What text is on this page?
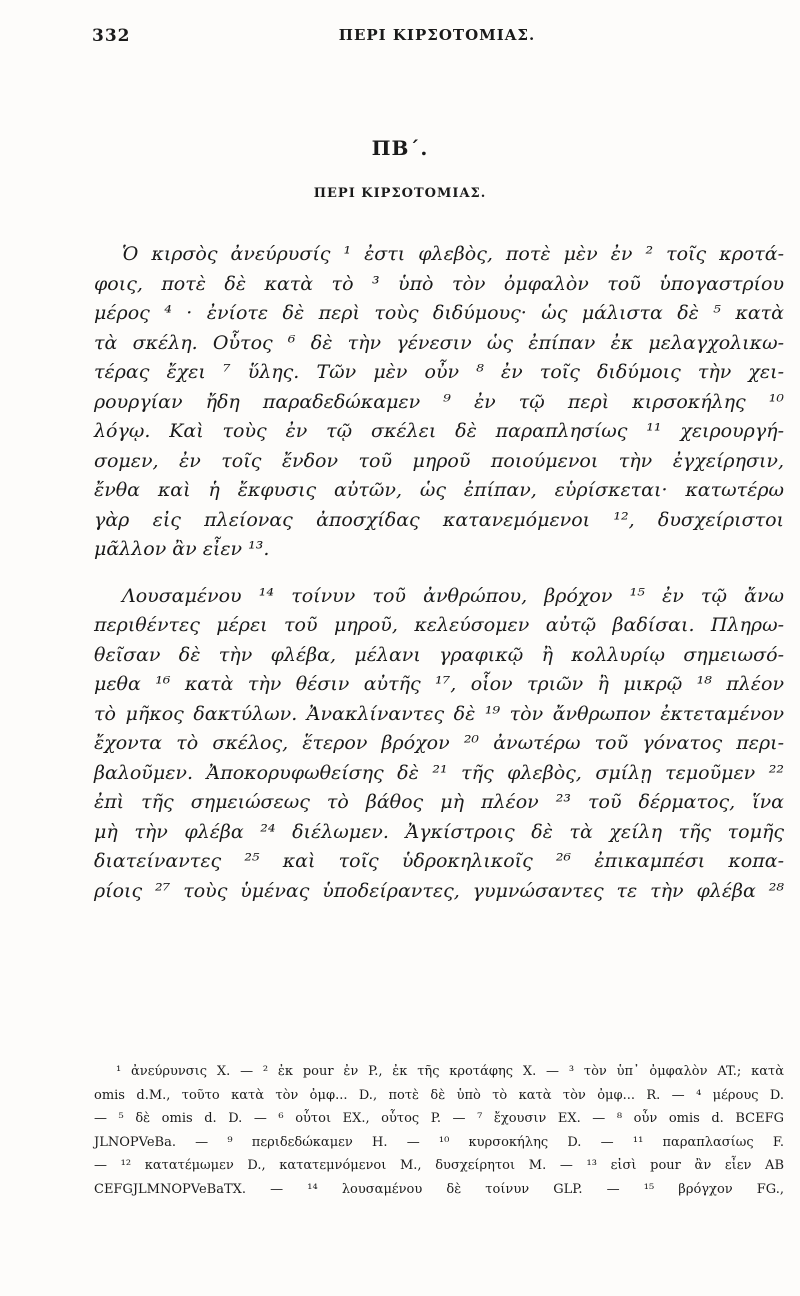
332	ΠΕΡΙ ΚΙΡΣΟΤΟΜΙΑΣ.
ΠΒ΄.
ΠΕΡΙ ΚΙΡΣΟΤΟΜΙΑΣ.
Ὁ κιρσὸς ἀνεύρυσίς ¹ ἐστι φλεβὸς, ποτὲ μὲν ἐν ² τοῖς κροτά-
φοις, ποτὲ δὲ κατὰ τὸ ³ ὑπὸ τὸν ὀμφαλὸν τοῦ ὑπογαστρίου
μέρος ⁴ · ἐνίοτε δὲ περὶ τοὺς διδύμους· ὡς μάλιστα δὲ ⁵ κατὰ
τὰ σκέλη. Οὗτος ⁶ δὲ τὴν γένεσιν ὡς ἐπίπαν ἐκ μελαγχολικω-
τέρας ἔχει ⁷ ὕλης. Τῶν μὲν οὖν ⁸ ἐν τοῖς διδύμοις τὴν χει-
ρουργίαν ἤδη παραδεδώκαμεν ⁹ ἐν τῷ περὶ κιρσοκήλης ¹⁰
λόγῳ. Καὶ τοὺς ἐν τῷ σκέλει δὲ παραπλησίως ¹¹ χειρουργή-
σομεν, ἐν τοῖς ἔνδον τοῦ μηροῦ ποιούμενοι τὴν ἐγχείρησιν,
ἔνθα καὶ ἡ ἔκφυσις αὐτῶν, ὡς ἐπίπαν, εὑρίσκεται· κατωτέρω
γὰρ εἰς πλείονας ἀποσχίδας κατανεμόμενοι ¹², δυσχείριστοι
μᾶλλον ἂν εἶεν ¹³.
Λουσαμένου ¹⁴ τοίνυν τοῦ ἀνθρώπου, βρόχον ¹⁵ ἐν τῷ ἄνω
περιθέντες μέρει τοῦ μηροῦ, κελεύσομεν αὐτῷ βαδίσαι. Πληρω-
θεῖσαν δὲ τὴν φλέβα, μέλανι γραφικῷ ἢ κολλυρίῳ σημειωσό-
μεθα ¹⁶ κατὰ τὴν θέσιν αὐτῆς ¹⁷, οἷον τριῶν ἢ μικρῷ ¹⁸ πλέον
τὸ μῆκος δακτύλων. Ἀνακλίναντες δὲ ¹⁹ τὸν ἄνθρωπον ἐκτεταμένον
ἔχοντα τὸ σκέλος, ἕτερον βρόχον ²⁰ ἀνωτέρω τοῦ γόνατος περι-
βαλοῦμεν. Ἀποκορυφωθείσης δὲ ²¹ τῆς φλεβὸς, σμίλῃ τεμοῦμεν ²²
ἐπὶ τῆς σημειώσεως τὸ βάθος μὴ πλέον ²³ τοῦ δέρματος, ἵνα
μὴ τὴν φλέβα ²⁴ διέλωμεν. Ἀγκίστροις δὲ τὰ χείλη τῆς τομῆς
διατείναντες ²⁵ καὶ τοῖς ὑδροκηλικοῖς ²⁶ ἐπικαμπέσι κοπα-
ρίοις ²⁷ τοὺς ὑμένας ὑποδείραντες, γυμνώσαντες τε τὴν φλέβα ²⁸
¹ ἀνεύρυνσις X. — ² ἐκ pour ἐν P., ἐκ τῆς κροτάφης X. — ³ τὸν ὑπ᾽ ὀμφαλὸν AT.; κατὰ
omis d.M., τοῦτο κατὰ τὸν ὀμφ... D., ποτὲ δὲ ὑπὸ τὸ κατὰ τὸν ὀμφ... R. — ⁴ μέρους D.
— ⁵ δὲ omis d. D. — ⁶ οὗτοι EX., οὗτος P. — ⁷ ἔχουσιν EX. — ⁸ οὖν omis d. BCEFG
JLNOPVeBa. — ⁹ περιδεδώκαμεν H. — ¹⁰ κυρσοκήλης D. — ¹¹ παραπλασίως F.
— ¹² κατατέμωμεν D., κατατεμνόμενοι M., δυσχείρητοι M. — ¹³ εἰσὶ pour ἂν εἶεν AB
CEFGJLMNOPVeBaTX. — ¹⁴ λουσαμένου δὲ τοίνυν GLP. — ¹⁵ βρόγχον FG.,
